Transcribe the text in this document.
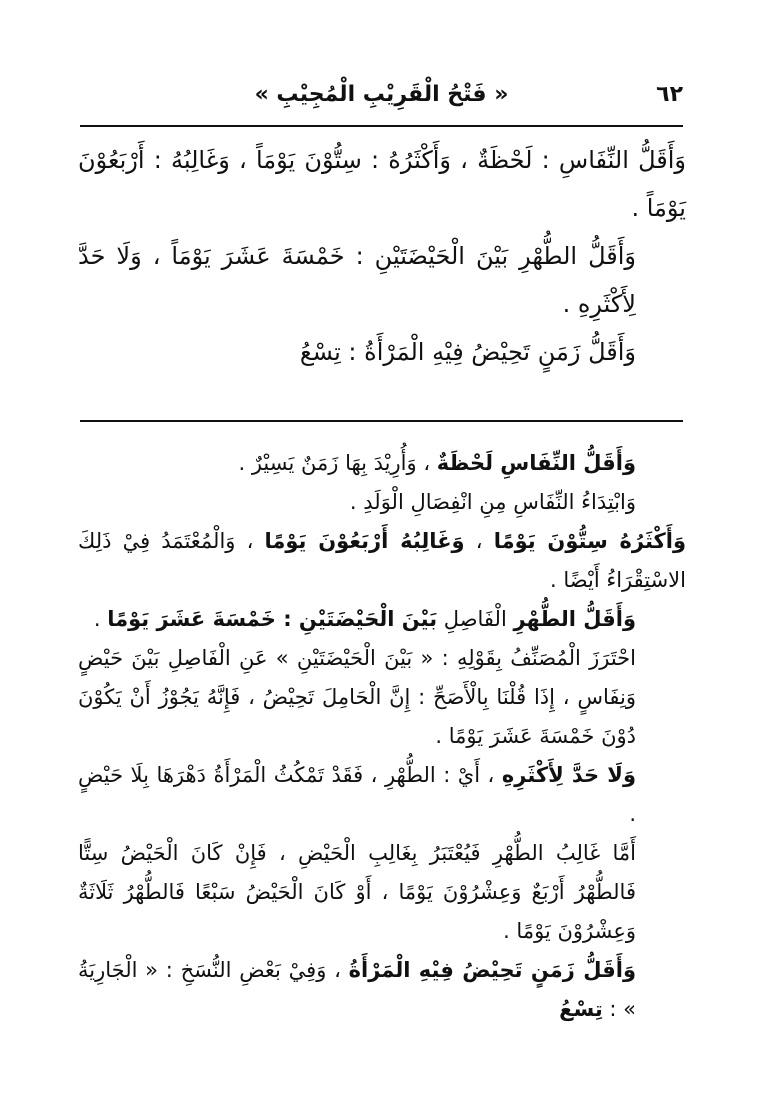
٦٢
« فَتْحُ الْقَرِيْبِ الْمُجِيْبِ »

وَأَقَلُّ النِّفَاسِ : لَحْظَةٌ ، وَأَكْثَرُهُ : سِتُّوْنَ يَوْمَاً ، وَغَالِبُهُ : أَرْبَعُوْنَ يَوْمَاً .

وَأَقَلُّ الطُّهْرِ بَيْنَ الْحَيْضَتَيْنِ : خَمْسَةَ عَشَرَ يَوْمَاً ، وَلَا حَدَّ لِأَكْثَرِهِ .

وَأَقَلُّ زَمَنٍ تَحِيْضُ فِيْهِ الْمَرْأَةُ : تِسْعُ

وَأَقَلُّ النِّفَاسِ لَحْظَةٌ ، وَأُرِيْدَ بِهَا زَمَنٌ يَسِيْرٌ .

وَابْتِدَاءُ النِّفَاسِ مِنِ انْفِصَالِ الْوَلَدِ .

وَأَكْثَرُهُ سِتُّوْنَ يَوْمًا ، وَغَالِبُهُ أَرْبَعُوْنَ يَوْمًا ، وَالْمُعْتَمَدُ فِيْ ذَلِكَ الاسْتِقْرَاءُ أَيْضًا .

وَأَقَلُّ الطُّهْرِ الْفَاصِلِ بَيْنَ الْحَيْضَتَيْنِ : خَمْسَةَ عَشَرَ يَوْمًا .

احْتَرَزَ الْمُصَنِّفُ بِقَوْلِهِ : « بَيْنَ الْحَيْضَتَيْنِ » عَنِ الْفَاصِلِ بَيْنَ حَيْضٍ وَنِفَاسٍ ، إِذَا قُلْنَا بِالْأَصَحِّ : إِنَّ الْحَامِلَ تَحِيْضُ ، فَإِنَّهُ يَجُوْزُ أَنْ يَكُوْنَ دُوْنَ خَمْسَةَ عَشَرَ يَوْمًا .

وَلَا حَدَّ لِأَكْثَرِهِ ، أَيْ : الطُّهْرِ ، فَقَدْ تَمْكُثُ الْمَرْأَةُ دَهْرَهَا بِلَا حَيْضٍ .

أَمَّا غَالِبُ الطُّهْرِ فَيُعْتَبَرُ بِغَالِبِ الْحَيْضِ ، فَإِنْ كَانَ الْحَيْضُ سِتًّا فَالطُّهْرُ أَرْبَعٌ وَعِشْرُوْنَ يَوْمًا ، أَوْ كَانَ الْحَيْضُ سَبْعًا فَالطُّهْرُ ثَلَاثَةٌ وَعِشْرُوْنَ يَوْمًا .

وَأَقَلُّ زَمَنٍ تَحِيْضُ فِيْهِ الْمَرْأَةُ ، وَفِيْ بَعْضِ النُّسَخِ : « الْجَارِيَةُ » : تِسْعُ
